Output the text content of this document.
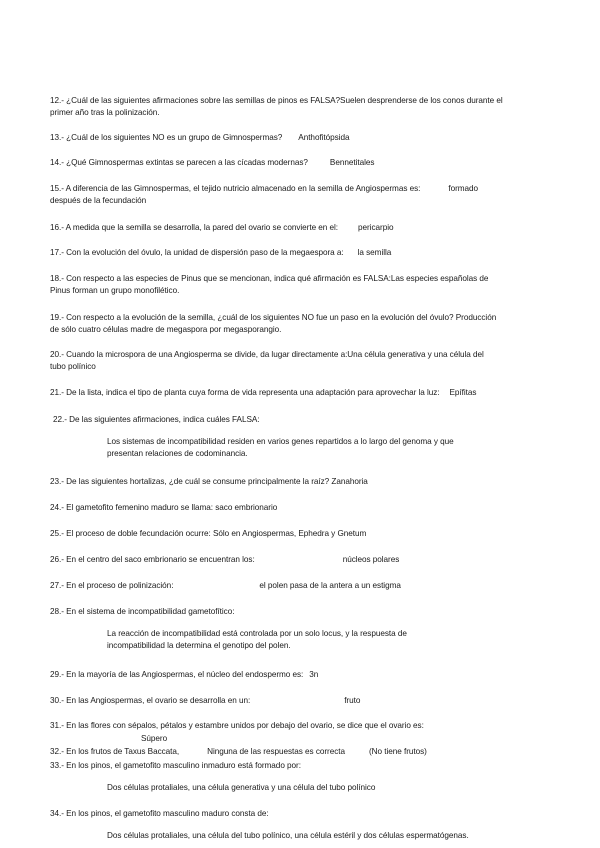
12.- ¿Cuál de las siguientes afirmaciones sobre las semillas de pinos es FALSA?Suelen desprenderse de los conos durante el
primer año tras la polinización.
13.- ¿Cuál de los siguientes NO es un grupo de Gimnospermas? Anthofitópsida
14.- ¿Qué Gimnospermas extintas se parecen a las cícadas modernas?	Bennetitales
15.- A diferencia de las Gimnospermas, el tejido nutricio almacenado en la semilla de Angiospermas es:	formado
después de la fecundación
16.- A medida que la semilla se desarrolla, la pared del ovario se convierte en el: pericarpio
17.- Con la evolución del óvulo, la unidad de dispersión paso de la megaespora a: la semilla
18.- Con respecto a las especies de Pinus que se mencionan, indica qué afirmación es FALSA:Las especies españolas de
Pinus forman un grupo monofilético.
19.- Con respecto a la evolución de la semilla, ¿cuál de los siguientes NO fue un paso en la evolución del óvulo? Producción
de sólo cuatro células madre de megaspora por megasporangio.
20.- Cuando la microspora de una Angiosperma se divide, da lugar directamente a:Una célula generativa y una célula del
tubo polínico
21.- De la lista, indica el tipo de planta cuya forma de vida representa una adaptación para aprovechar la luz: Epífitas
22.- De las siguientes afirmaciones, indica cuáles FALSA:
Los sistemas de incompatibilidad residen en varios genes repartidos a lo largo del genoma y que
presentan relaciones de codominancia.
23.- De las siguientes hortalizas, ¿de cuál se consume principalmente la raíz? Zanahoria
24.- El gametofito femenino maduro se llama: saco embrionario
25.- El proceso de doble fecundación ocurre: Sólo en Angiospermas, Ephedra y Gnetum
26.- En el centro del saco embrionario se encuentran los:	núcleos polares
27.- En el proceso de polinización:	el polen pasa de la antera a un estigma
28.- En el sistema de incompatibilidad gametofítico:
La reacción de incompatibilidad está controlada por un solo locus, y la respuesta de
incompatibilidad la determina el genotipo del polen.
29.- En la mayoría de las Angiospermas, el núcleo del endospermo es: 3n
30.- En las Angiospermas, el ovario se desarrolla en un:	fruto
31.- En las flores con sépalos, pétalos y estambre unidos por debajo del ovario, se dice que el ovario es:
Súpero
32.- En los frutos de Taxus Baccata,	Ninguna de las respuestas es correcta	(No tiene frutos)
33.- En los pinos, el gametofito masculino inmaduro está formado por:
Dos células protaliales, una célula generativa y una célula del tubo polínico
34.- En los pinos, el gametofito masculino maduro consta de:
Dos células protaliales, una célula del tubo polínico, una célula estéril y dos células espermatógenas.
